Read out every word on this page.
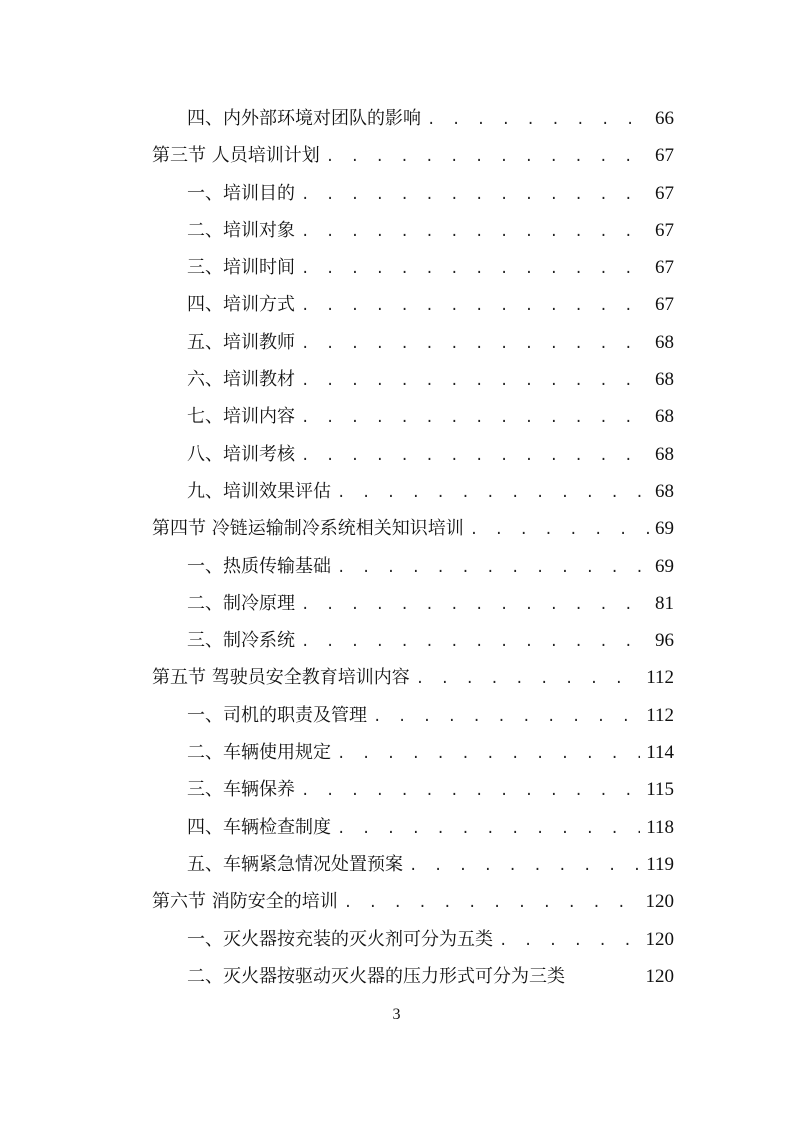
四、内外部环境对团队的影响 . . .	66
第三节 人员培训计划 . . .	67
一、培训目的 . . .	67
二、培训对象 . . .	67
三、培训时间 . . .	67
四、培训方式 . . .	67
五、培训教师 . . .	68
六、培训教材 . . .	68
七、培训内容 . . .	68
八、培训考核 . . .	68
九、培训效果评估 . . .	68
第四节 冷链运输制冷系统相关知识培训 . . .	69
一、热质传输基础 . . .	69
二、制冷原理 . . .	81
三、制冷系统 . . .	96
第五节 驾驶员安全教育培训内容 . . .	112
一、司机的职责及管理 . . .	112
二、车辆使用规定 . . .	114
三、车辆保养 . . .	115
四、车辆检查制度 . . .	118
五、车辆紧急情况处置预案 . . .	119
第六节 消防安全的培训 . . .	120
一、灭火器按充装的灭火剂可分为五类 . . .	120
二、灭火器按驱动灭火器的压力形式可分为三类	120
3
